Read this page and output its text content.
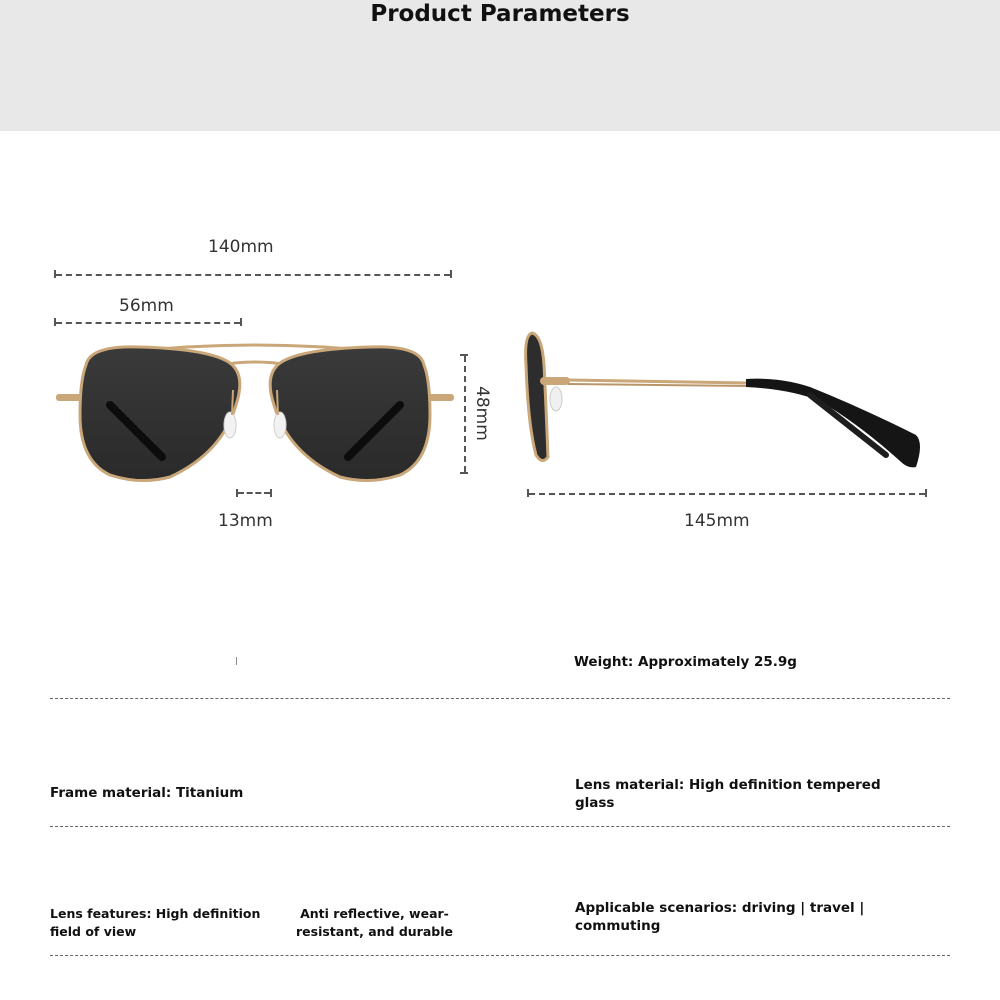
Product Parameters
140mm
56mm
48mm
13mm	145mm
Weight: Approximately 25.9g
Frame material: Titanium	Lens material: High definition tempered
glass
Lens features: High definition
field of view
Anti reflective, wear-
resistant, and durable
Applicable scenarios: driving | travel |
commuting
